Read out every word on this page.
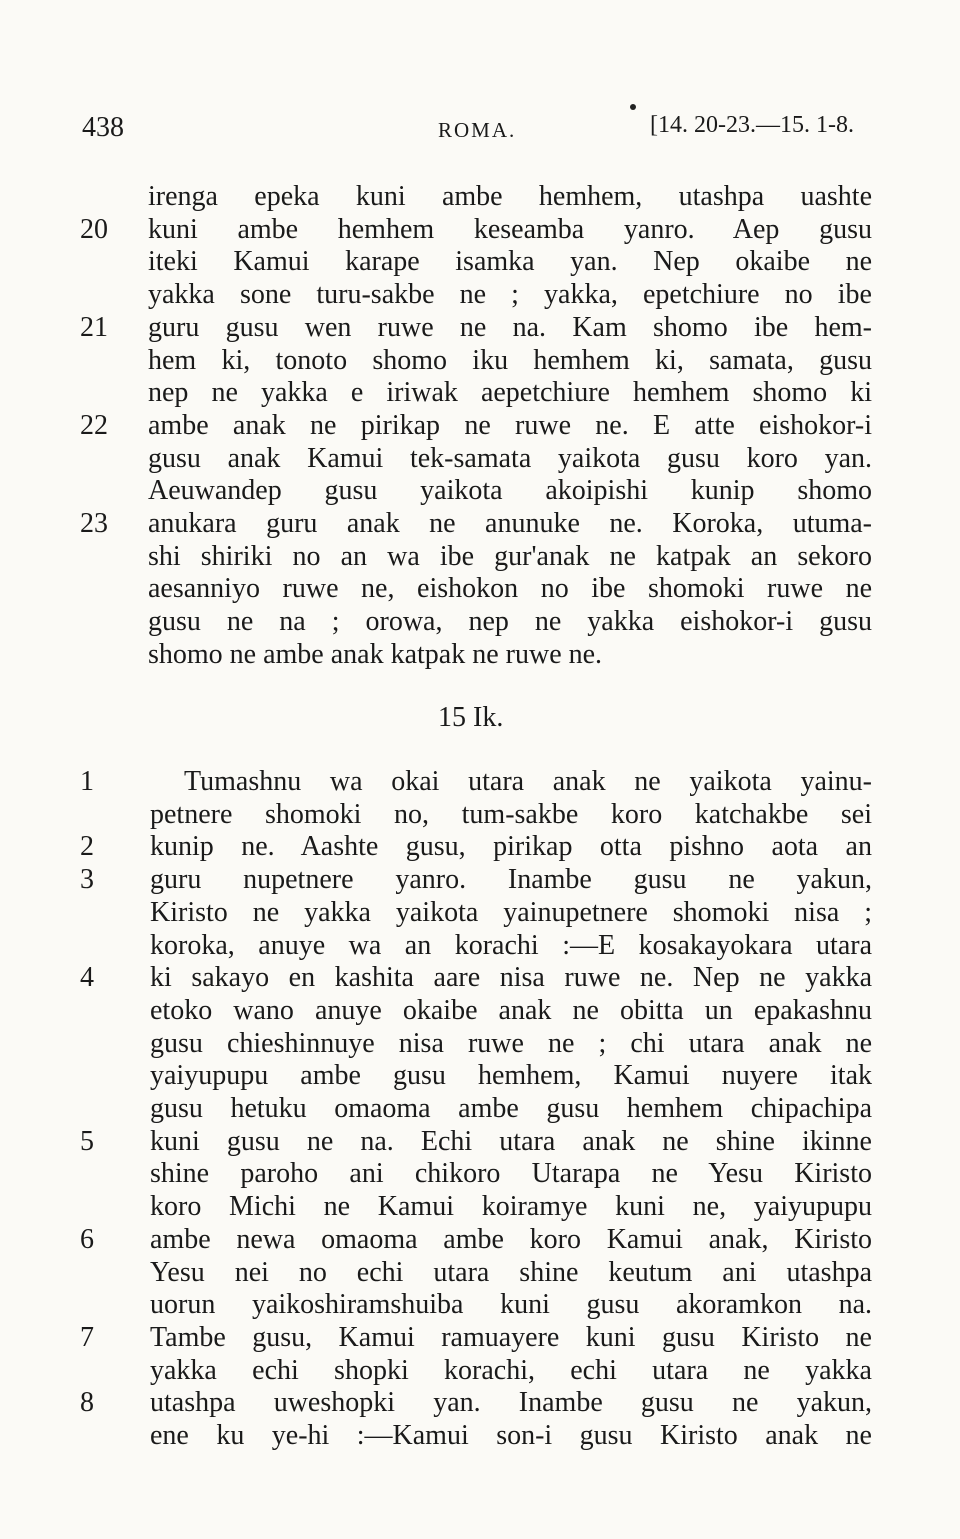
438	ROMA.	[14. 20-23.—15. 1-8.
irenga epeka kuni ambe hemhem, utashpa uashte
20	kuni ambe hemhem keseamba yanro. Aep gusu
iteki Kamui karape isamka yan. Nep okaibe ne
yakka sone turu-sakbe ne ; yakka, epetchiure no ibe
21	guru gusu wen ruwe ne na. Kam shomo ibe hem-
hem ki, tonoto shomo iku hemhem ki, samata, gusu
nep ne yakka e iriwak aepetchiure hemhem shomo ki
22	ambe anak ne pirikap ne ruwe ne. E atte eishokor-i
gusu anak Kamui tek-samata yaikota gusu koro yan.
Aeuwandep gusu yaikota akoipishi kunip shomo
23	anukara guru anak ne anunuke ne. Koroka, utuma-
shi shiriki no an wa ibe gur'anak ne katpak an sekoro
aesanniyo ruwe ne, eishokon no ibe shomoki ruwe ne
gusu ne na ; orowa, nep ne yakka eishokor-i gusu
shomo ne ambe anak katpak ne ruwe ne.
15 Ik.
1	Tumashnu wa okai utara anak ne yaikota yainu-
petnere shomoki no, tum-sakbe koro katchakbe sei
2	kunip ne. Aashte gusu, pirikap otta pishno aota an
3	guru nupetnere yanro. Inambe gusu ne yakun,
Kiristo ne yakka yaikota yainupetnere shomoki nisa ;
koroka, anuye wa an korachi :—E kosakayokara utara
4	ki sakayo en kashita aare nisa ruwe ne. Nep ne yakka
etoko wano anuye okaibe anak ne obitta un epakashnu
gusu chieshinnuye nisa ruwe ne ; chi utara anak ne
yaiyupupu ambe gusu hemhem, Kamui nuyere itak
gusu hetuku omaoma ambe gusu hemhem chipachipa
5	kuni gusu ne na. Echi utara anak ne shine ikinne
shine paroho ani chikoro Utarapa ne Yesu Kiristo
koro Michi ne Kamui koiramye kuni ne, yaiyupupu
6	ambe newa omaoma ambe koro Kamui anak, Kiristo
Yesu nei no echi utara shine keutum ani utashpa
uorun yaikoshiramshuiba kuni gusu akoramkon na.
7	Tambe gusu, Kamui ramuayere kuni gusu Kiristo ne
yakka echi shopki korachi, echi utara ne yakka
8	utashpa uweshopki yan. Inambe gusu ne yakun,
ene ku ye-hi :—Kamui son-i gusu Kiristo anak ne
